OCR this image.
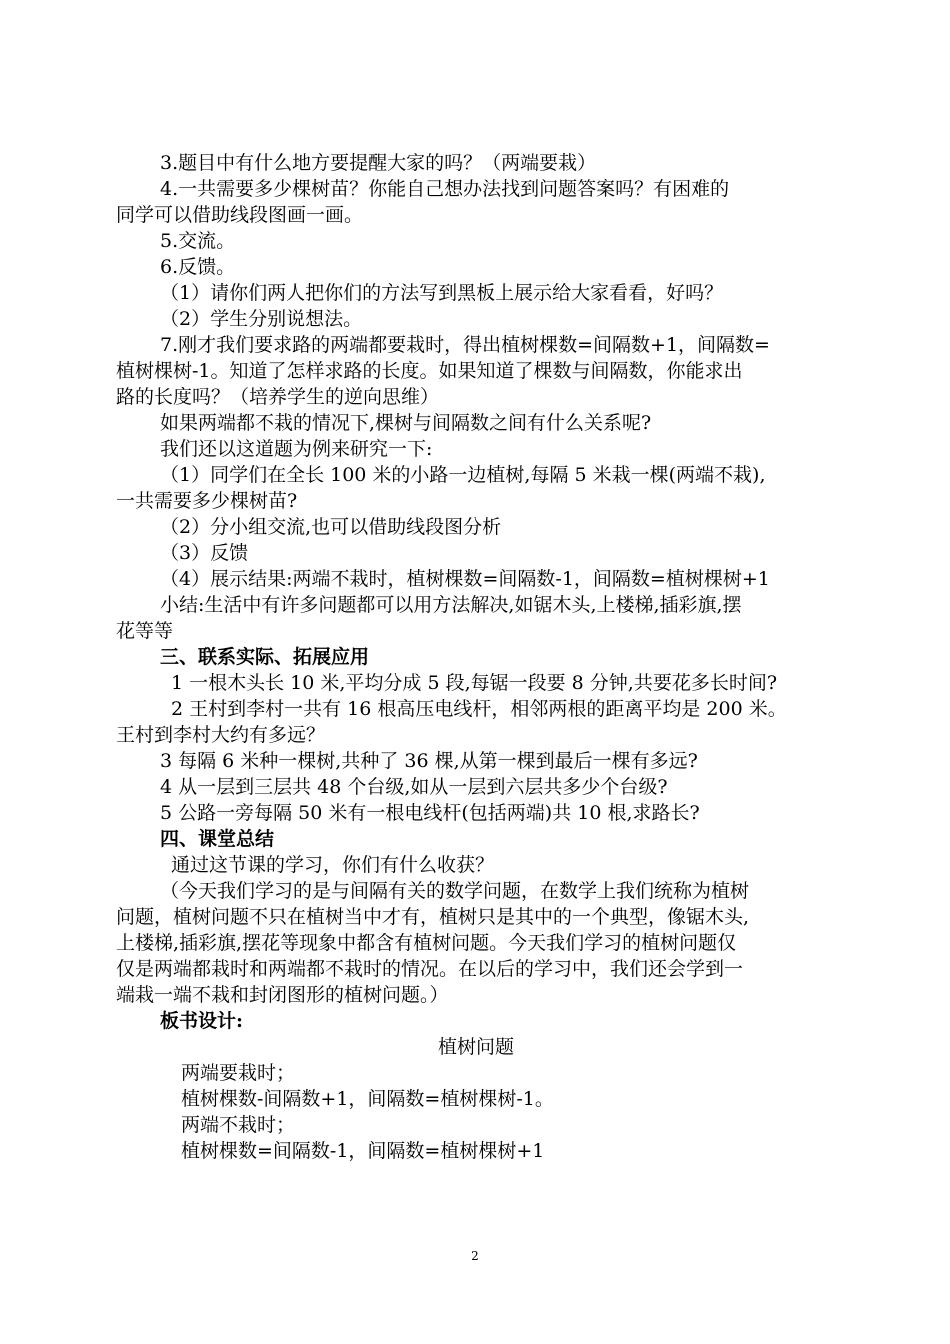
3.题目中有什么地方要提醒大家的吗？（两端要栽）

4.一共需要多少棵树苗？你能自己想办法找到问题答案吗？有困难的

同学可以借助线段图画一画。

5.交流。

6.反馈。

（1）请你们两人把你们的方法写到黑板上展示给大家看看，好吗？

（2）学生分别说想法。

7.刚才我们要求路的两端都要栽时，得出植树棵数=间隔数+1，间隔数=

植树棵树-1。知道了怎样求路的长度。如果知道了棵数与间隔数，你能求出

路的长度吗？（培养学生的逆向思维）

如果两端都不栽的情况下,棵树与间隔数之间有什么关系呢?

我们还以这道题为例来研究一下:

（1）同学们在全长 100 米的小路一边植树,每隔 5 米栽一棵(两端不栽),

一共需要多少棵树苗?

（2）分小组交流,也可以借助线段图分析

（3）反馈

（4）展示结果:两端不栽时，植树棵数=间隔数-1，间隔数=植树棵树+1

小结:生活中有许多问题都可以用方法解决,如锯木头,上楼梯,插彩旗,摆

花等等

三、联系实际、拓展应用

1 一根木头长 10 米,平均分成 5 段,每锯一段要 8 分钟,共要花多长时间?

2 王村到李村一共有 16 根高压电线杆，相邻两根的距离平均是 200 米。

王村到李村大约有多远？

3 每隔 6 米种一棵树,共种了 36 棵,从第一棵到最后一棵有多远?

4 从一层到三层共 48 个台级,如从一层到六层共多少个台级?

5 公路一旁每隔 50 米有一根电线杆(包括两端)共 10 根,求路长?

四、课堂总结

通过这节课的学习，你们有什么收获？

（今天我们学习的是与间隔有关的数学问题，在数学上我们统称为植树

问题，植树问题不只在植树当中才有，植树只是其中的一个典型，像锯木头,

上楼梯,插彩旗,摆花等现象中都含有植树问题。今天我们学习的植树问题仅

仅是两端都栽时和两端都不栽时的情况。在以后的学习中，我们还会学到一

端栽一端不栽和封闭图形的植树问题。）

板书设计:

植树问题

两端要栽时；

植树棵数-间隔数+1，间隔数=植树棵树-1。

两端不栽时；

植树棵数=间隔数-1，间隔数=植树棵树+1

2
